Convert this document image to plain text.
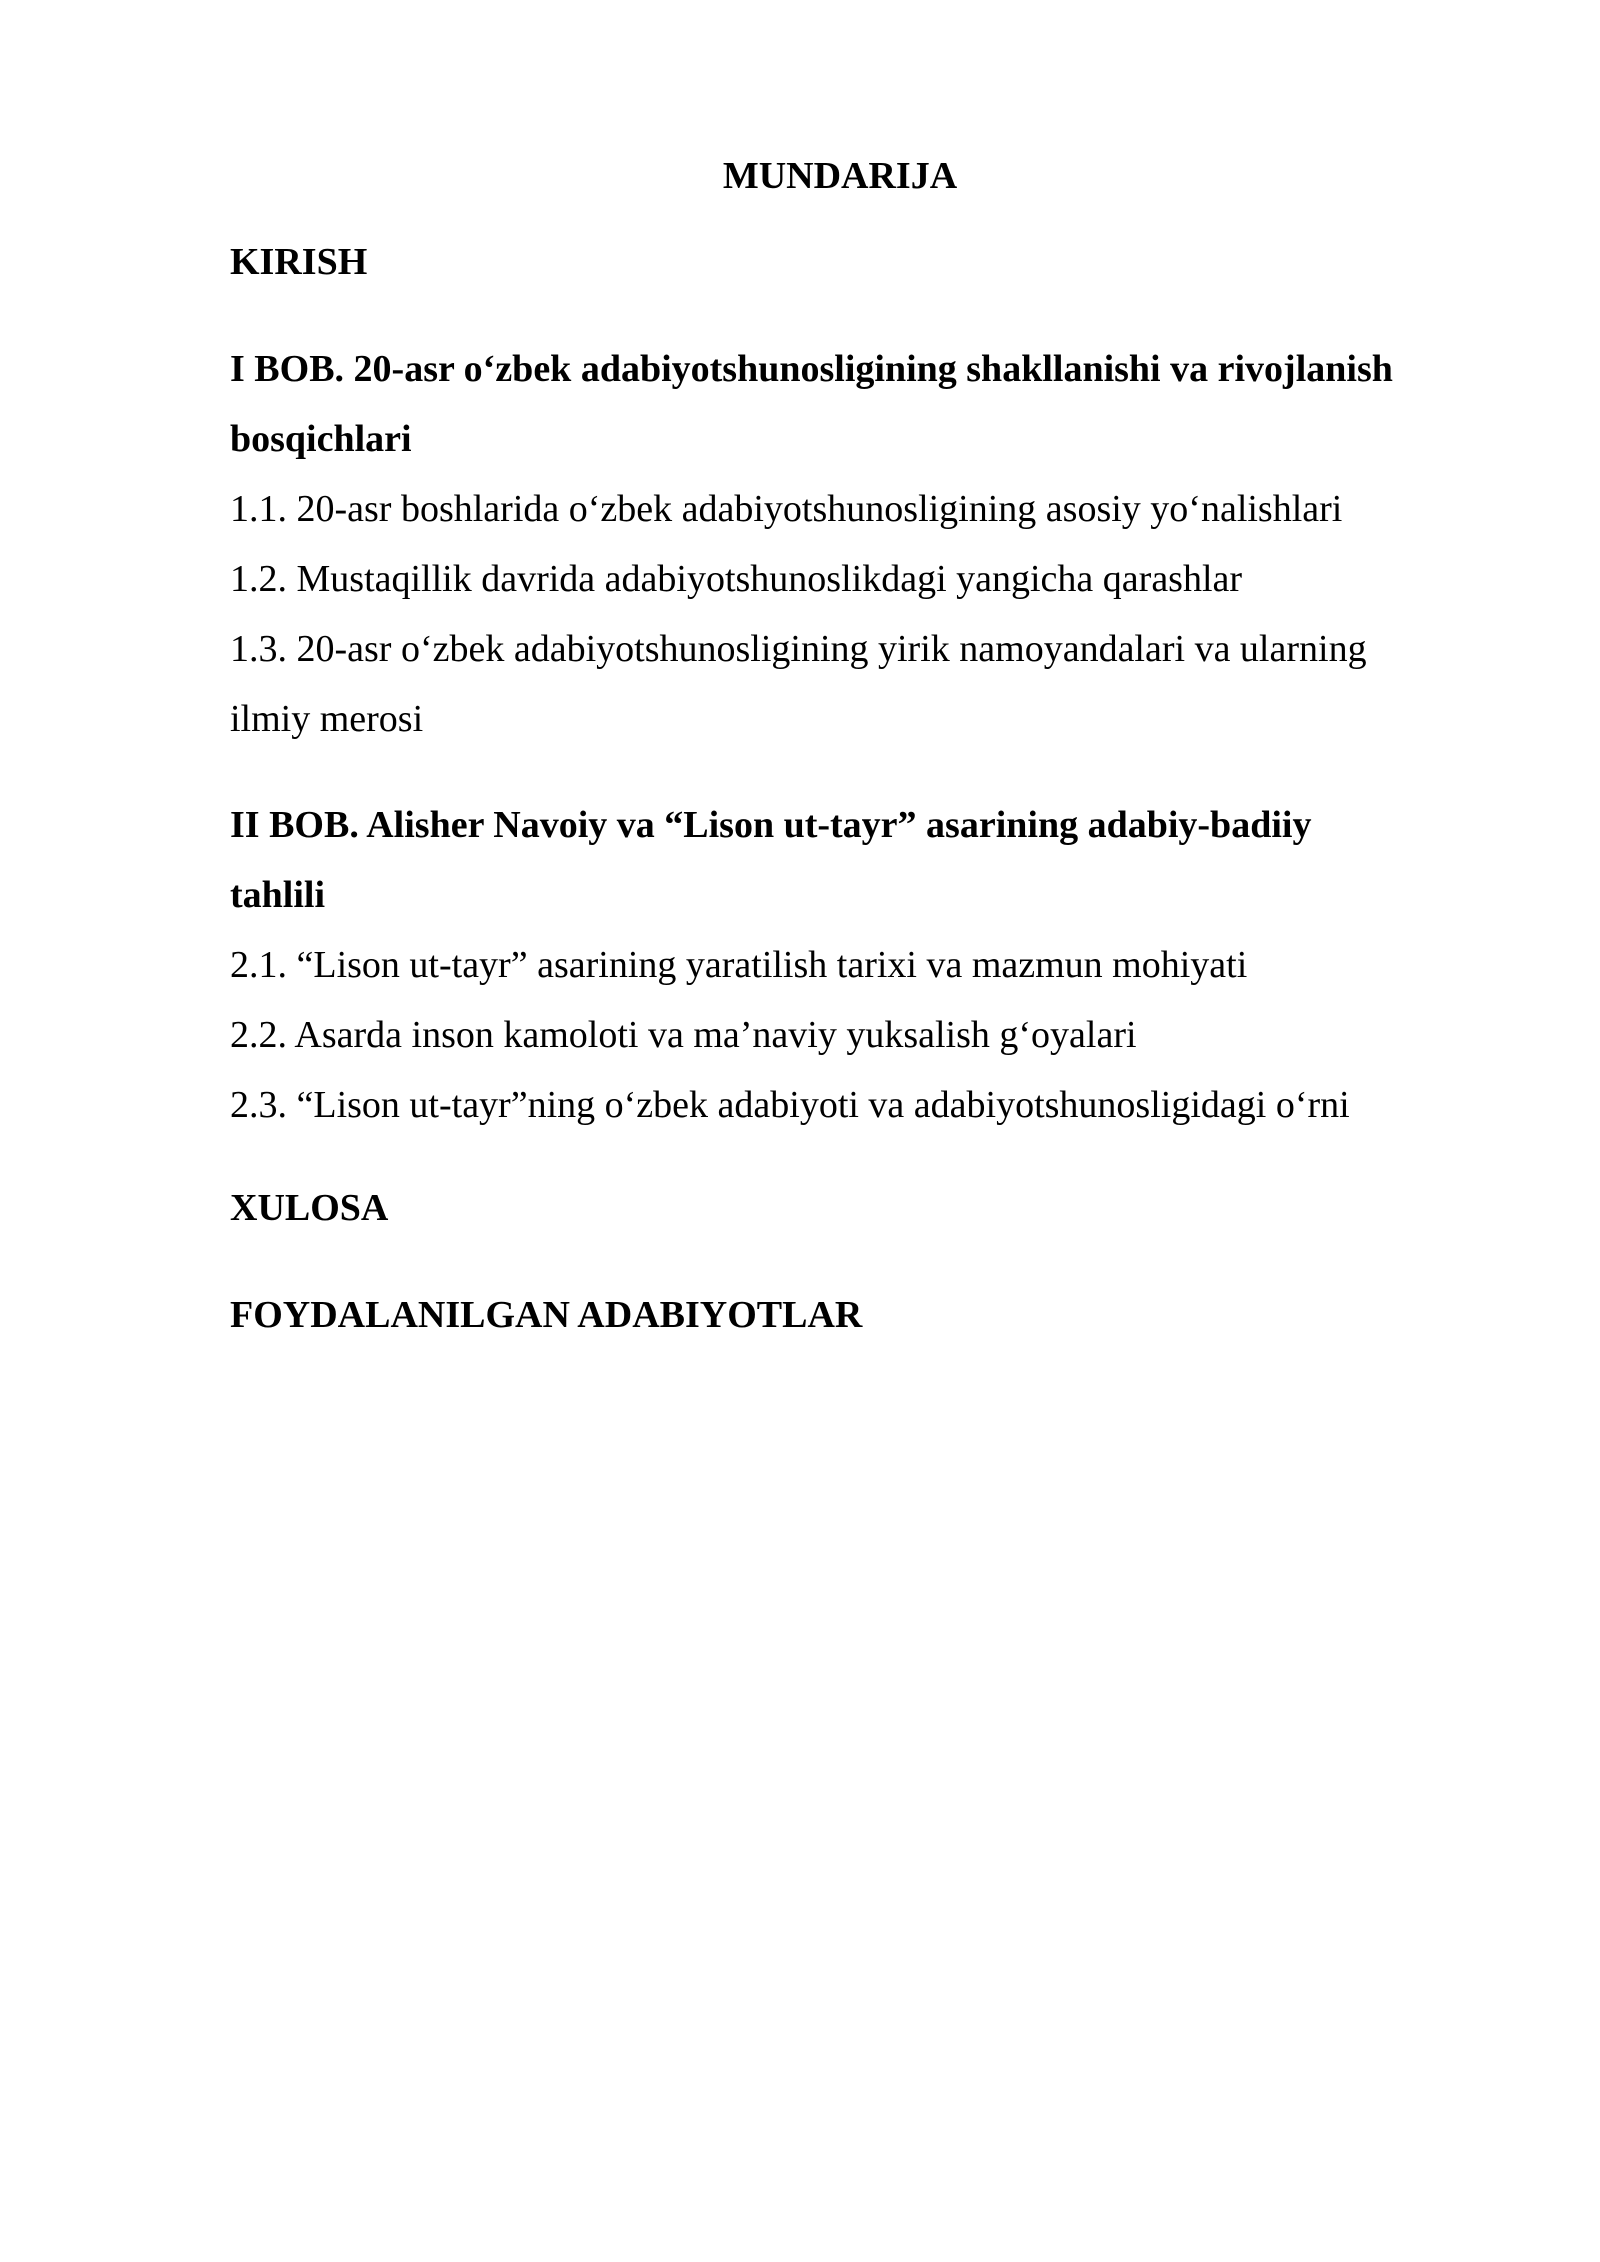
MUNDARIJA
KIRISH
I BOB. 20-asr o‘zbek adabiyotshunosligining shakllanishi va rivojlanish
bosqichlari
1.1. 20-asr boshlarida o‘zbek adabiyotshunosligining asosiy yo‘nalishlari
1.2. Mustaqillik davrida adabiyotshunoslikdagi yangicha qarashlar
1.3. 20-asr o‘zbek adabiyotshunosligining yirik namoyandalari va ularning
ilmiy merosi
II BOB. Alisher Navoiy va “Lison ut-tayr” asarining adabiy-badiiy
tahlili
2.1. “Lison ut-tayr” asarining yaratilish tarixi va mazmun mohiyati
2.2. Asarda inson kamoloti va ma’naviy yuksalish g‘oyalari
2.3. “Lison ut-tayr”ning o‘zbek adabiyoti va adabiyotshunosligidagi o‘rni
XULOSA
FOYDALANILGAN ADABIYOTLAR
